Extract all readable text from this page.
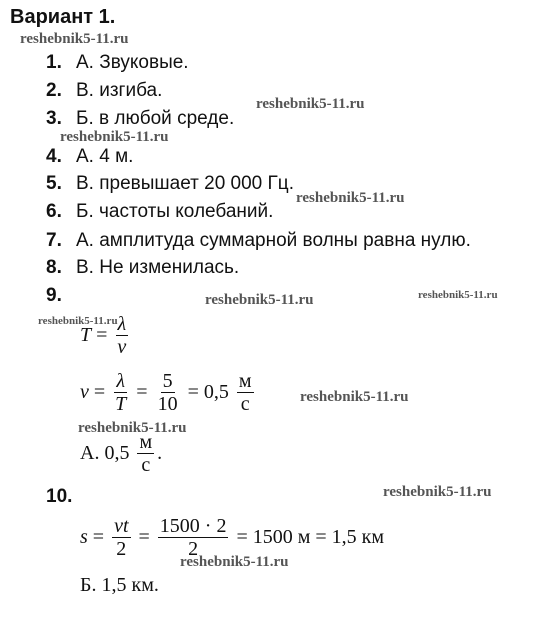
Вариант 1.
1. А. Звуковые.
2. В. изгиба.
3. Б. в любой среде.
4. А. 4 м.
5. В. превышает 20 000 Гц.
6. Б. частоты колебаний.
7. А. амплитуда суммарной волны равна нулю.
8. В. Не изменилась.
9.
$T = \frac{\lambda}{v}$
$v = \frac{\lambda}{T} = \frac{5}{10} = 0,5 \frac{м}{с}$
А. $0,5 \frac{м}{с}$ .
10.
$s = \frac{vt}{2} = \frac{1500 \cdot 2}{2} = 1500$ м = 1,5 км
Б. 1,5 км.
reshebnik5-11.ru
reshebnik5-11.ru
reshebnik5-11.ru
reshebnik5-11.ru
reshebnik5-11.ru	reshebnik5-11.ru
reshebnik5-11.ru
reshebnik5-11.ru
reshebnik5-11.ru
reshebnik5-11.ru
reshebnik5-11.ru
